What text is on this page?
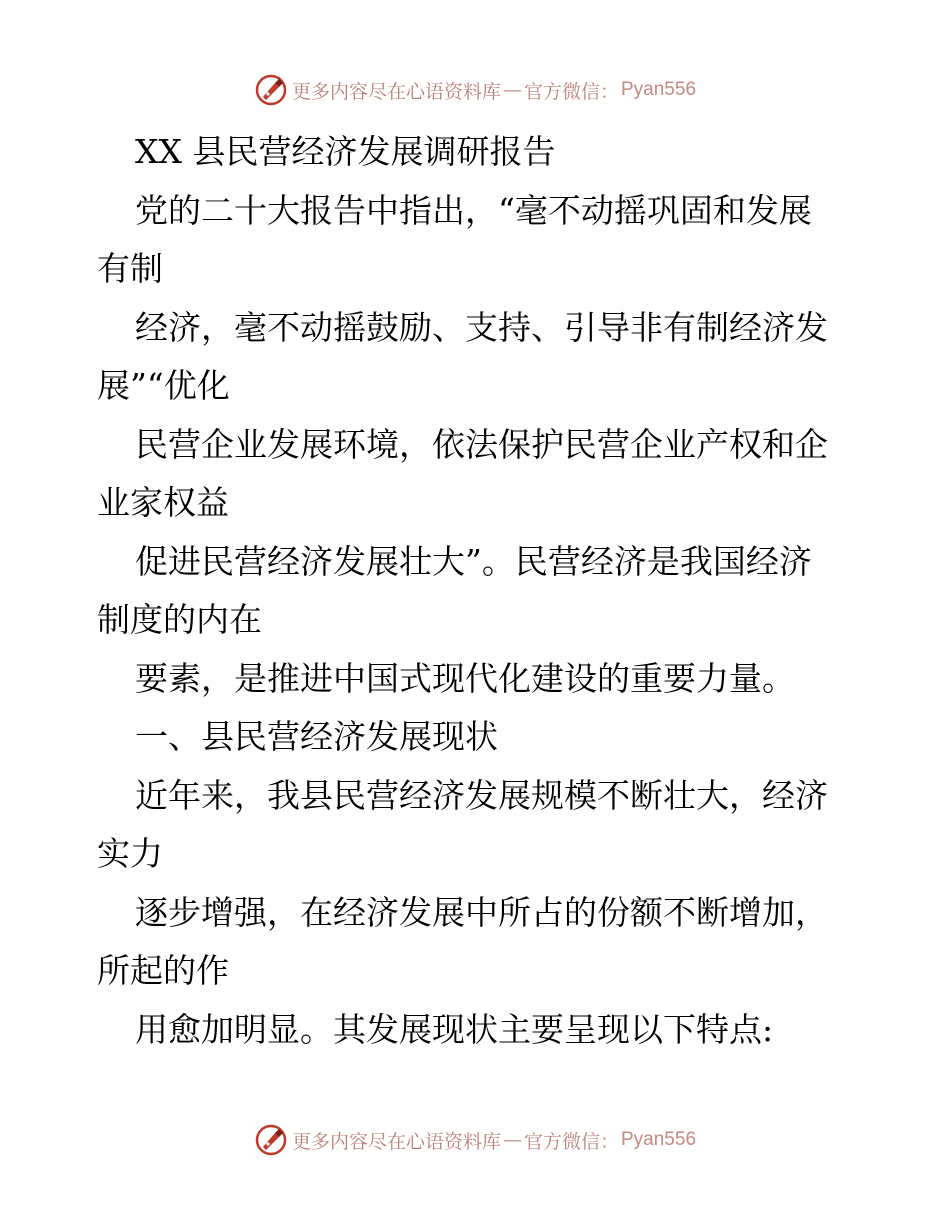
更多内容尽在心语资料库 — 官方微信： Pyan556
XX 县民营经济发展调研报告
党的二十大报告中指出，“毫不动摇巩固和发展
有制
经济，毫不动摇鼓励、支持、引导非有制经济发
展”“优化
民营企业发展环境，依法保护民营企业产权和企
业家权益
促进民营经济发展壮大”。民营经济是我国经济
制度的内在
要素，是推进中国式现代化建设的重要力量。
一、县民营经济发展现状
近年来，我县民营经济发展规模不断壮大，经济
实力
逐步增强，在经济发展中所占的份额不断增加，
所起的作
用愈加明显。其发展现状主要呈现以下特点:
更多内容尽在心语资料库 — 官方微信： Pyan556
